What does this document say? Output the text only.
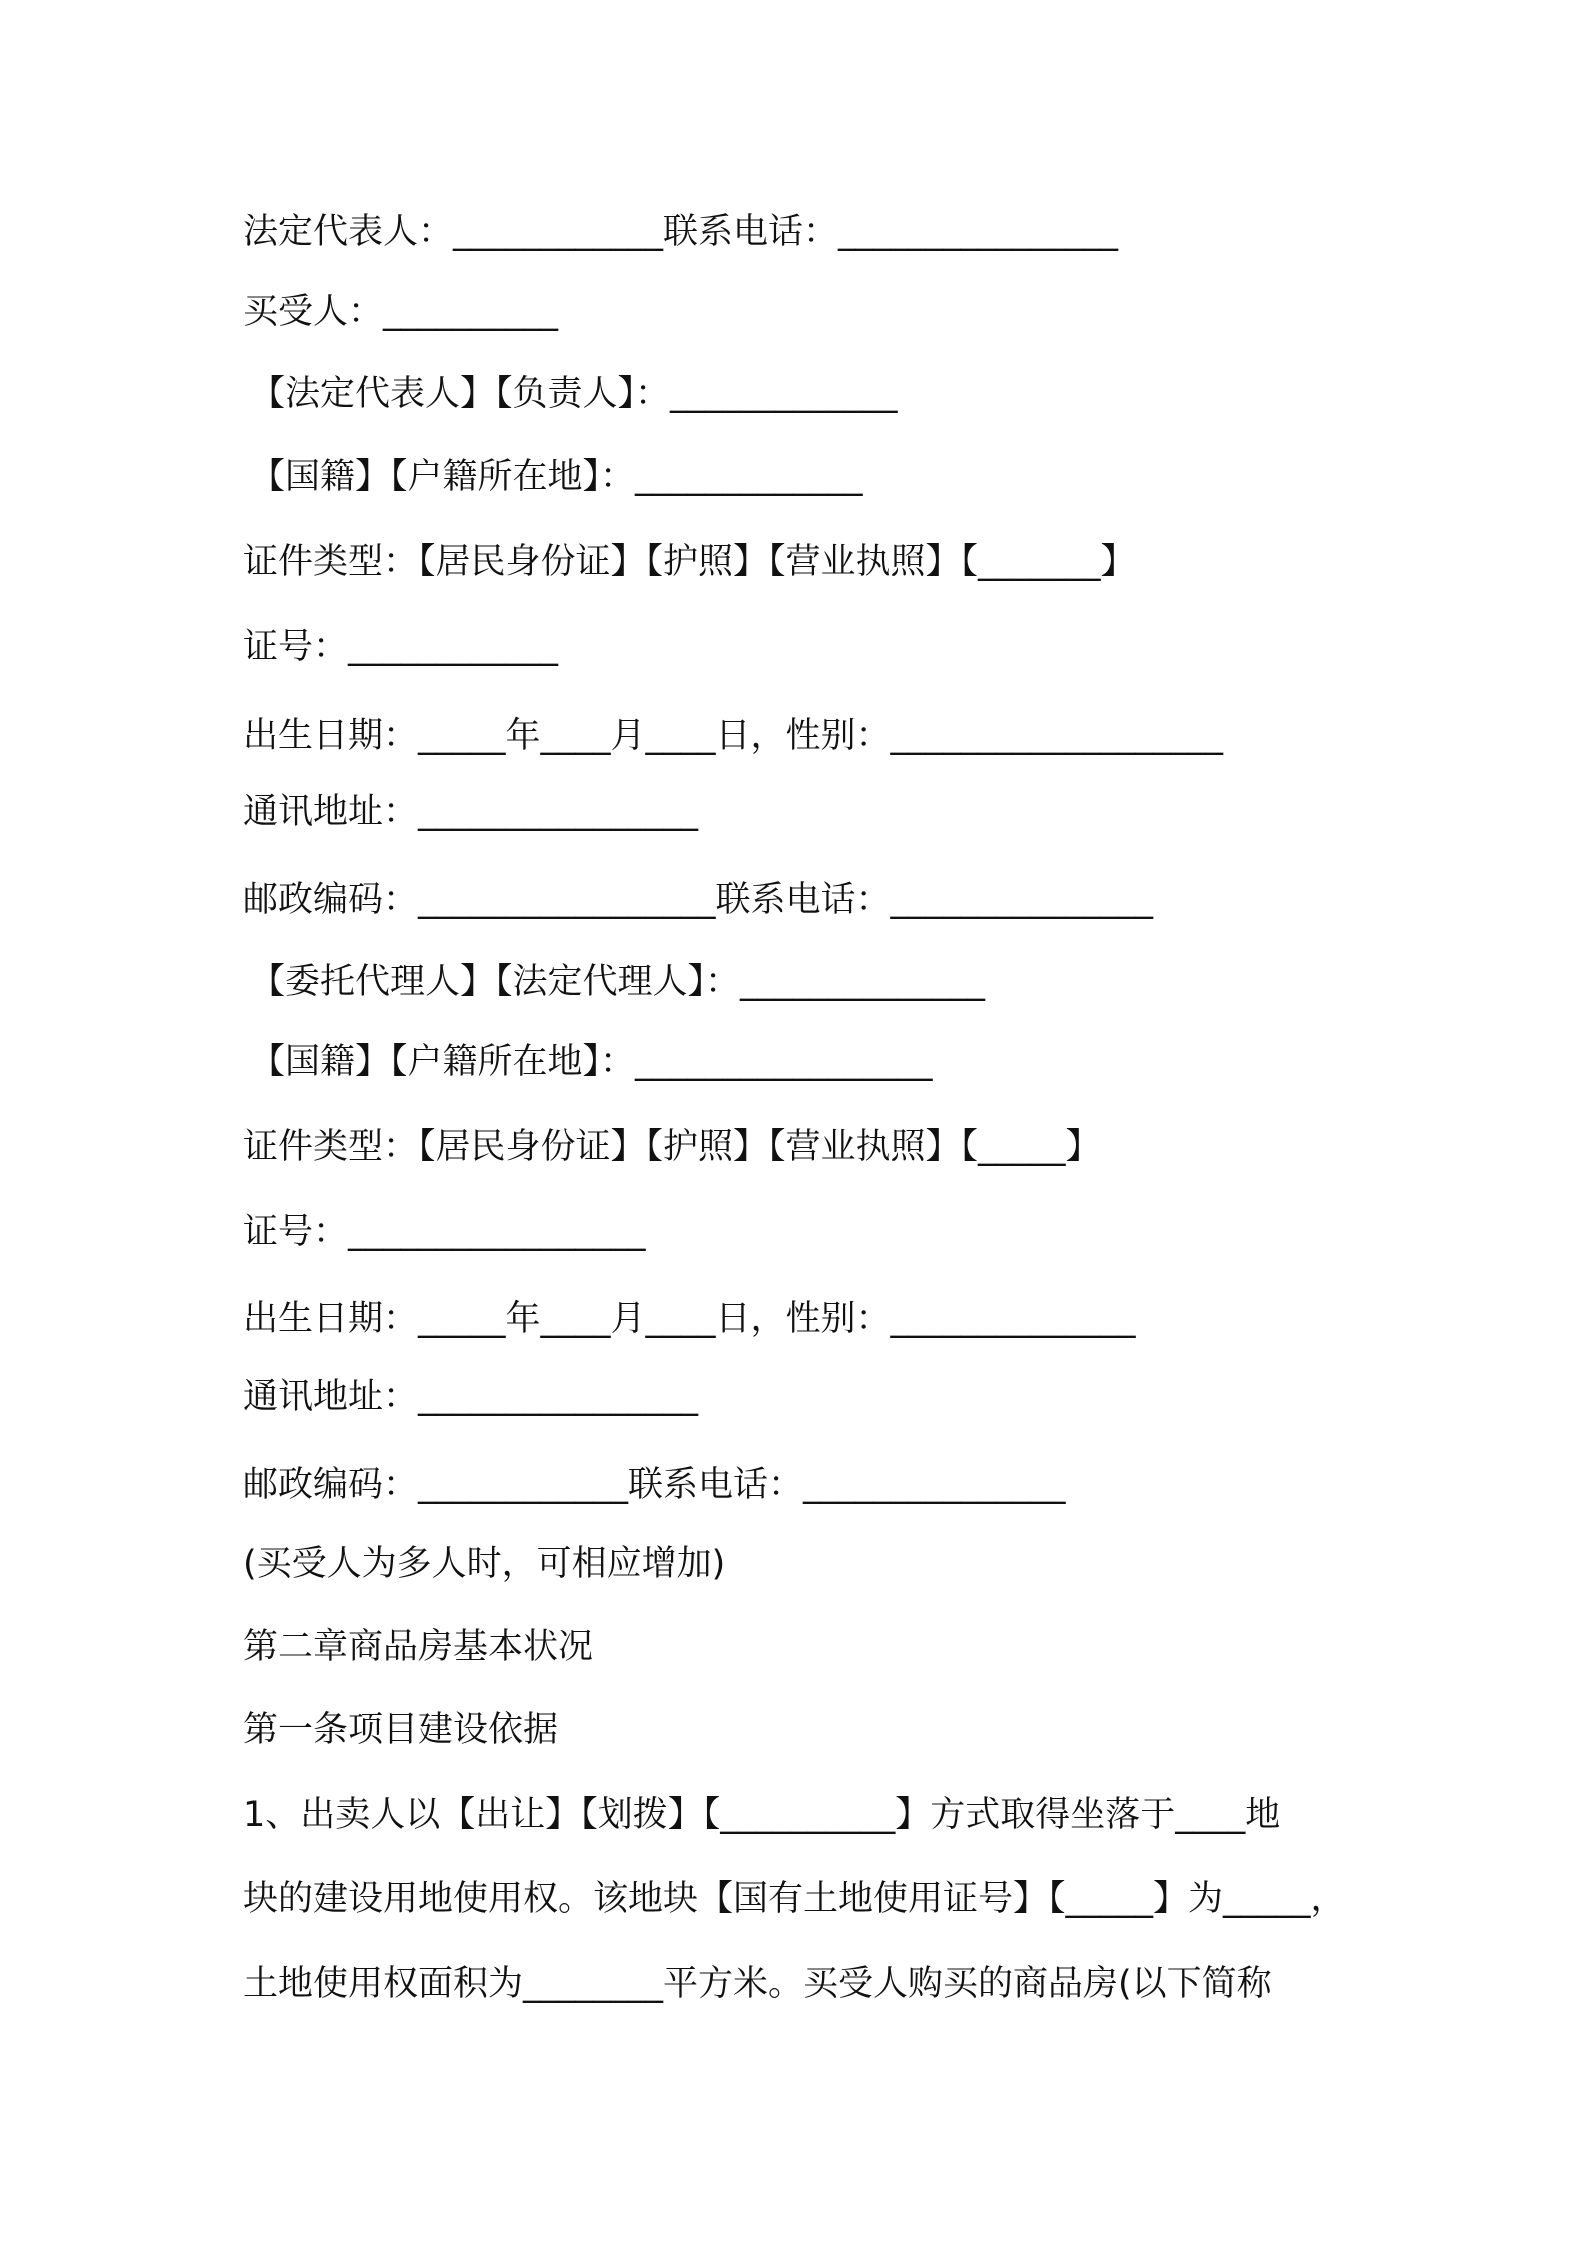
法定代表人：____________联系电话：________________
买受人：__________
【法定代表人】【负责人】：_____________
【国籍】【户籍所在地】：_____________
证件类型：【居民身份证】【护照】【营业执照】【_______】
证号：____________
出生日期：_____年____月____日，性别：___________________
通讯地址：________________
邮政编码：_________________联系电话：_______________
【委托代理人】【法定代理人】：______________
【国籍】【户籍所在地】：_________________
证件类型：【居民身份证】【护照】【营业执照】【_____】
证号：_________________
出生日期：_____年____月____日，性别：______________
通讯地址：________________
邮政编码：____________联系电话：_______________
(买受人为多人时，可相应增加)
第二章商品房基本状况
第一条项目建设依据
1、出卖人以【出让】【划拨】【__________】方式取得坐落于____地
块的建设用地使用权。该地块【国有土地使用证号】【_____】为_____，
土地使用权面积为________平方米。买受人购买的商品房(以下简称
